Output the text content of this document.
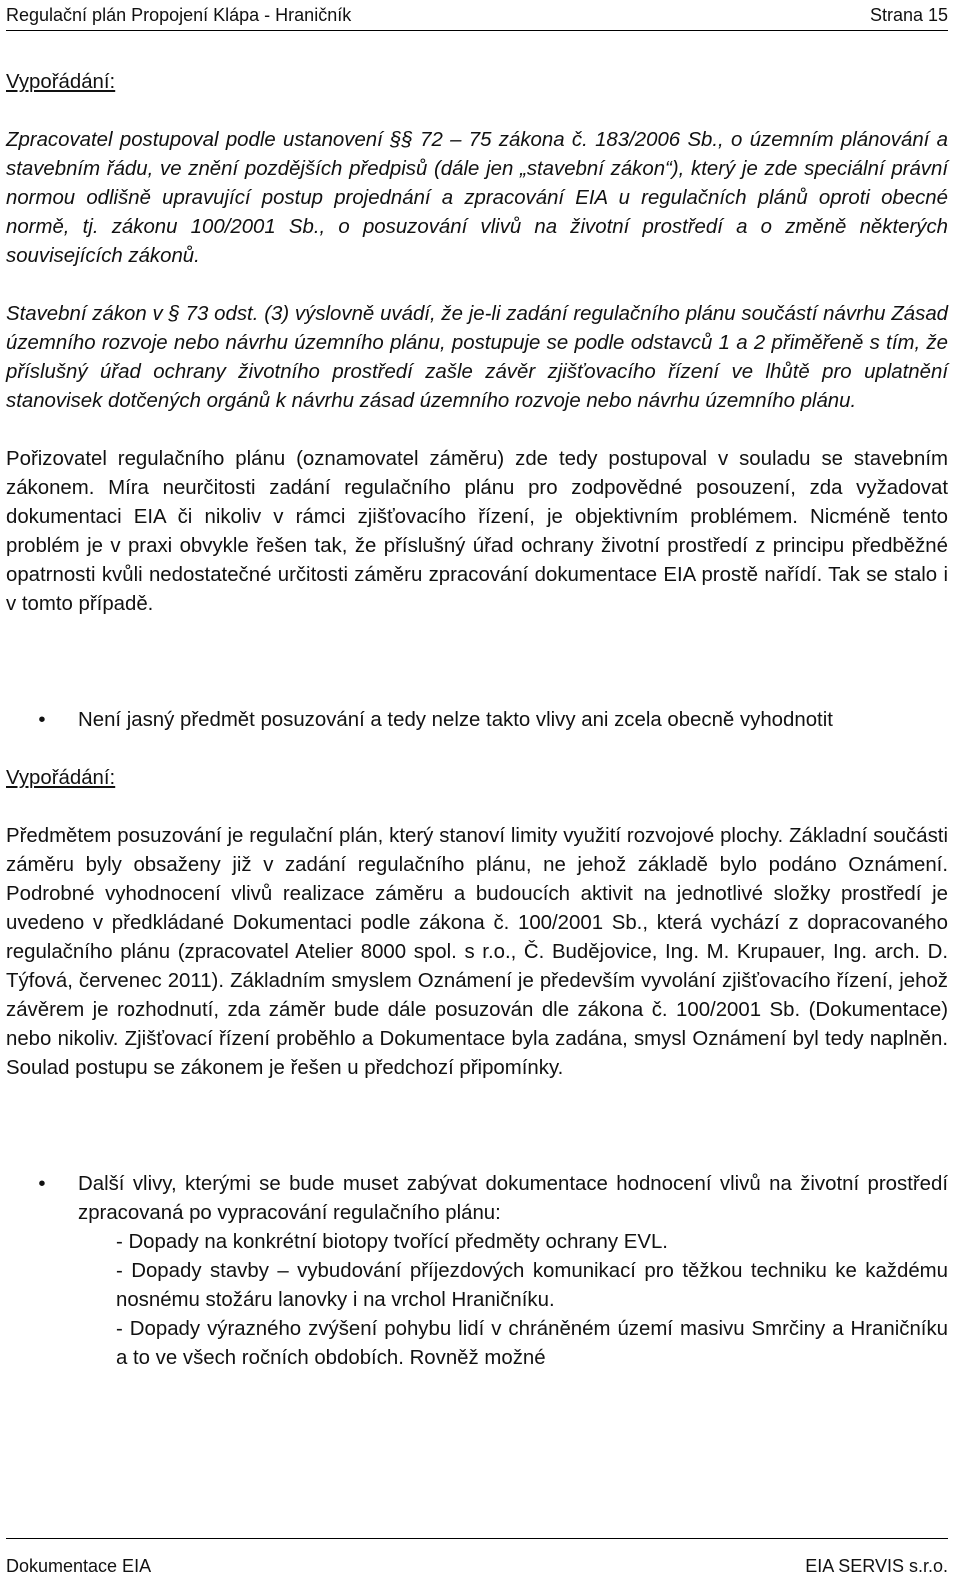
Regulační plán Propojení Klápa - Hraničník	Strana 15
Vypořádání:

Zpracovatel postupoval podle ustanovení §§ 72 – 75 zákona č. 183/2006 Sb., o územním plánování a stavebním řádu, ve znění pozdějších předpisů (dále jen „stavební zákon“), který je zde speciální právní normou odlišně upravující postup projednání a zpracování EIA u regulačních plánů oproti obecné normě, tj. zákonu 100/2001 Sb., o posuzování vlivů na životní prostředí a o změně některých souvisejících zákonů.

Stavební zákon v § 73 odst. (3) výslovně uvádí, že je-li zadání regulačního plánu součástí návrhu Zásad územního rozvoje nebo návrhu územního plánu, postupuje se podle odstavců 1 a 2 přiměřeně s tím, že příslušný úřad ochrany životního prostředí zašle závěr zjišťovacího řízení ve lhůtě pro uplatnění stanovisek dotčených orgánů k návrhu zásad územního rozvoje nebo návrhu územního plánu.

Pořizovatel regulačního plánu (oznamovatel záměru) zde tedy postupoval v souladu se stavebním zákonem. Míra neurčitosti zadání regulačního plánu pro zodpovědné posouzení, zda vyžadovat dokumentaci EIA či nikoliv v rámci zjišťovacího řízení, je objektivním problémem. Nicméně tento problém je v praxi obvykle řešen tak, že příslušný úřad ochrany životní prostředí z principu předběžné opatrnosti kvůli nedostatečné určitosti záměru zpracování dokumentace EIA prostě nařídí. Tak se stalo i v tomto případě.

•	Není jasný předmět posuzování a tedy nelze takto vlivy ani zcela obecně vyhodnotit
Vypořádání:

Předmětem posuzování je regulační plán, který stanoví limity využití rozvojové plochy. Základní součásti záměru byly obsaženy již v zadání regulačního plánu, ne jehož základě bylo podáno Oznámení. Podrobné vyhodnocení vlivů realizace záměru a budoucích aktivit na jednotlivé složky prostředí je uvedeno v předkládané Dokumentaci podle zákona č. 100/2001 Sb., která vychází z dopracovaného regulačního plánu (zpracovatel Atelier 8000 spol. s r.o., Č. Budějovice, Ing. M. Krupauer, Ing. arch. D. Týfová, červenec 2011). Základním smyslem Oznámení je především vyvolání zjišťovacího řízení, jehož závěrem je rozhodnutí, zda záměr bude dále posuzován dle zákona č. 100/2001 Sb. (Dokumentace) nebo nikoliv. Zjišťovací řízení proběhlo a Dokumentace byla zadána, smysl Oznámení byl tedy naplněn. Soulad postupu se zákonem je řešen u předchozí připomínky.

•	Další vlivy, kterými se bude muset zabývat dokumentace hodnocení vlivů na životní prostředí zpracovaná po vypracování regulačního plánu:
- Dopady na konkrétní biotopy tvořící předměty ochrany EVL.
- Dopady stavby – vybudování příjezdových komunikací pro těžkou techniku ke každému nosnému stožáru lanovky i na vrchol Hraničníku.
- Dopady výrazného zvýšení pohybu lidí v chráněném území masivu Smrčiny a Hraničníku a to ve všech ročních obdobích. Rovněž možné
Dokumentace EIA	EIA SERVIS s.r.o.
